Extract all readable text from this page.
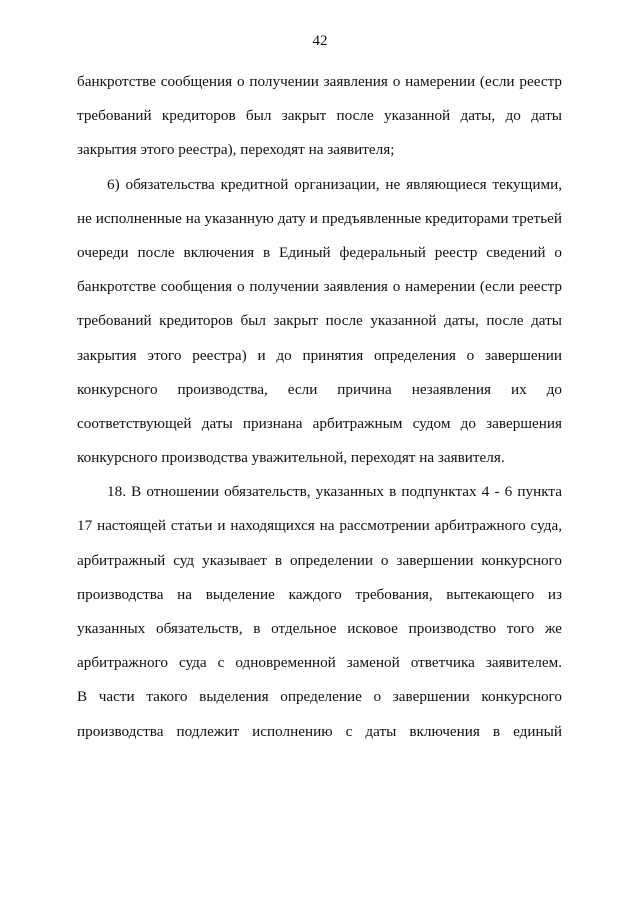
42
банкротстве сообщения о получении заявления о намерении (если реестр
требований кредиторов был закрыт после указанной даты, до даты
закрытия этого реестра), переходят на заявителя;
6) обязательства кредитной организации, не являющиеся текущими,
не исполненные на указанную дату и предъявленные кредиторами третьей
очереди после включения в Единый федеральный реестр сведений о
банкротстве сообщения о получении заявления о намерении (если реестр
требований кредиторов был закрыт после указанной даты, после даты
закрытия этого реестра) и до принятия определения о завершении
конкурсного производства, если причина незаявления их до
соответствующей даты признана арбитражным судом до завершения
конкурсного производства уважительной, переходят на заявителя.
18. В отношении обязательств, указанных в подпунктах 4 - 6 пункта
17 настоящей статьи и находящихся на рассмотрении арбитражного суда,
арбитражный суд указывает в определении о завершении конкурсного
производства на выделение каждого требования, вытекающего из
указанных обязательств, в отдельное исковое производство того же
арбитражного суда с одновременной заменой ответчика заявителем.
В части такого выделения определение о завершении конкурсного
производства подлежит исполнению с даты включения в единый
